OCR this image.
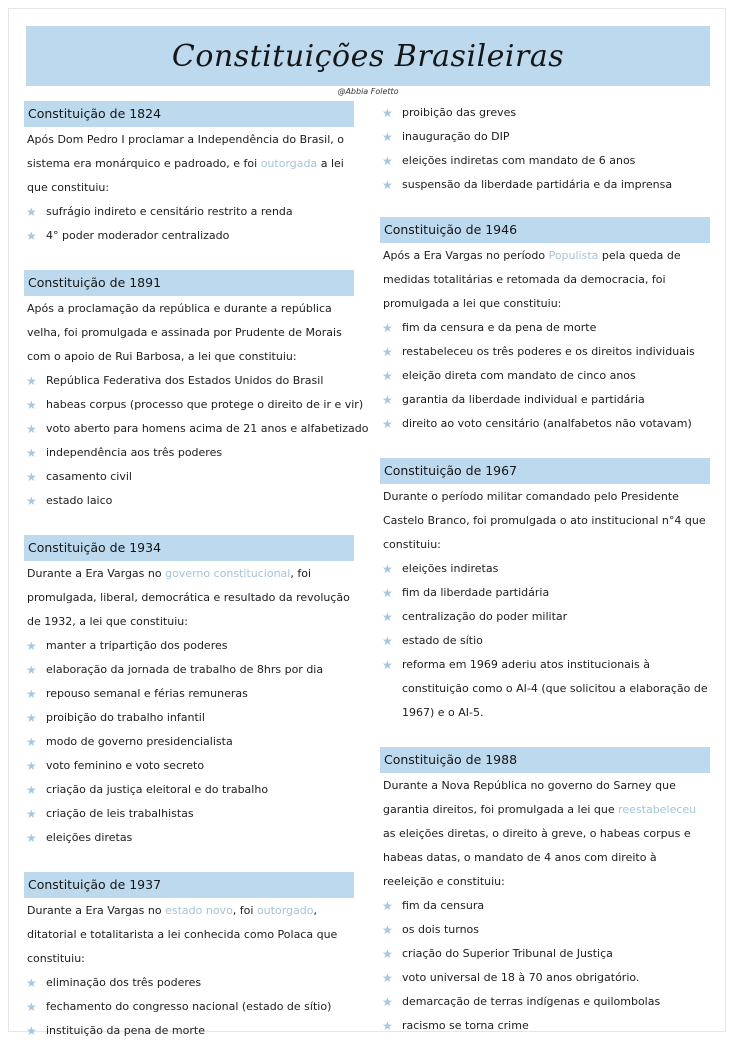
Constituições Brasileiras
@Abbia Foletto
Constituição de 1824
Após Dom Pedro I proclamar a Independência do Brasil, o sistema era monárquico e padroado, e foi outorgada a lei que constituiu:
★ sufrágio indireto e censitário restrito a renda
★ 4° poder moderador centralizado
Constituição de 1891
Após a proclamação da república e durante a república velha, foi promulgada e assinada por Prudente de Morais com o apoio de Rui Barbosa, a lei que constituiu:
★ República Federativa dos Estados Unidos do Brasil
★ habeas corpus (processo que protege o direito de ir e vir)
★ voto aberto para homens acima de 21 anos e alfabetizado
★ independência aos três poderes
★ casamento civil
★ estado laico
Constituição de 1934
Durante a Era Vargas no governo constitucional, foi promulgada, liberal, democrática e resultado da revolução de 1932, a lei que constituiu:
★ manter a tripartição dos poderes
★ elaboração da jornada de trabalho de 8hrs por dia
★ repouso semanal e férias remuneras
★ proibição do trabalho infantil
★ modo de governo presidencialista
★ voto feminino e voto secreto
★ criação da justiça eleitoral e do trabalho
★ criação de leis trabalhistas
★ eleições diretas
Constituição de 1937
Durante a Era Vargas no estado novo, foi outorgado, ditatorial e totalitarista a lei conhecida como Polaca que constituiu:
★ eliminação dos três poderes
★ fechamento do congresso nacional (estado de sítio)
★ instituição da pena de morte
★ proibição das greves
★ inauguração do DIP
★ eleições indiretas com mandato de 6 anos
★ suspensão da liberdade partidária e da imprensa
Constituição de 1946
Após a Era Vargas no período Populista pela queda de medidas totalitárias e retomada da democracia, foi promulgada a lei que constituiu:
★ fim da censura e da pena de morte
★ restabeleceu os três poderes e os direitos individuais
★ eleição direta com mandato de cinco anos
★ garantia da liberdade individual e partidária
★ direito ao voto censitário (analfabetos não votavam)
Constituição de 1967
Durante o período militar comandado pelo Presidente Castelo Branco, foi promulgada o ato institucional n°4 que constituiu:
★ eleições indiretas
★ fim da liberdade partidária
★ centralização do poder militar
★ estado de sítio
★ reforma em 1969 aderiu atos institucionais à constituição como o AI-4 (que solicitou a elaboração de 1967) e o AI-5.
Constituição de 1988
Durante a Nova República no governo do Sarney que garantia direitos, foi promulgada a lei que reestabeleceu as eleições diretas, o direito à greve, o habeas corpus e habeas datas, o mandato de 4 anos com direito à reeleição e constituiu:
★ fim da censura
★ os dois turnos
★ criação do Superior Tribunal de Justiça
★ voto universal de 18 à 70 anos obrigatório.
★ demarcação de terras indígenas e quilombolas
★ racismo se torna crime
